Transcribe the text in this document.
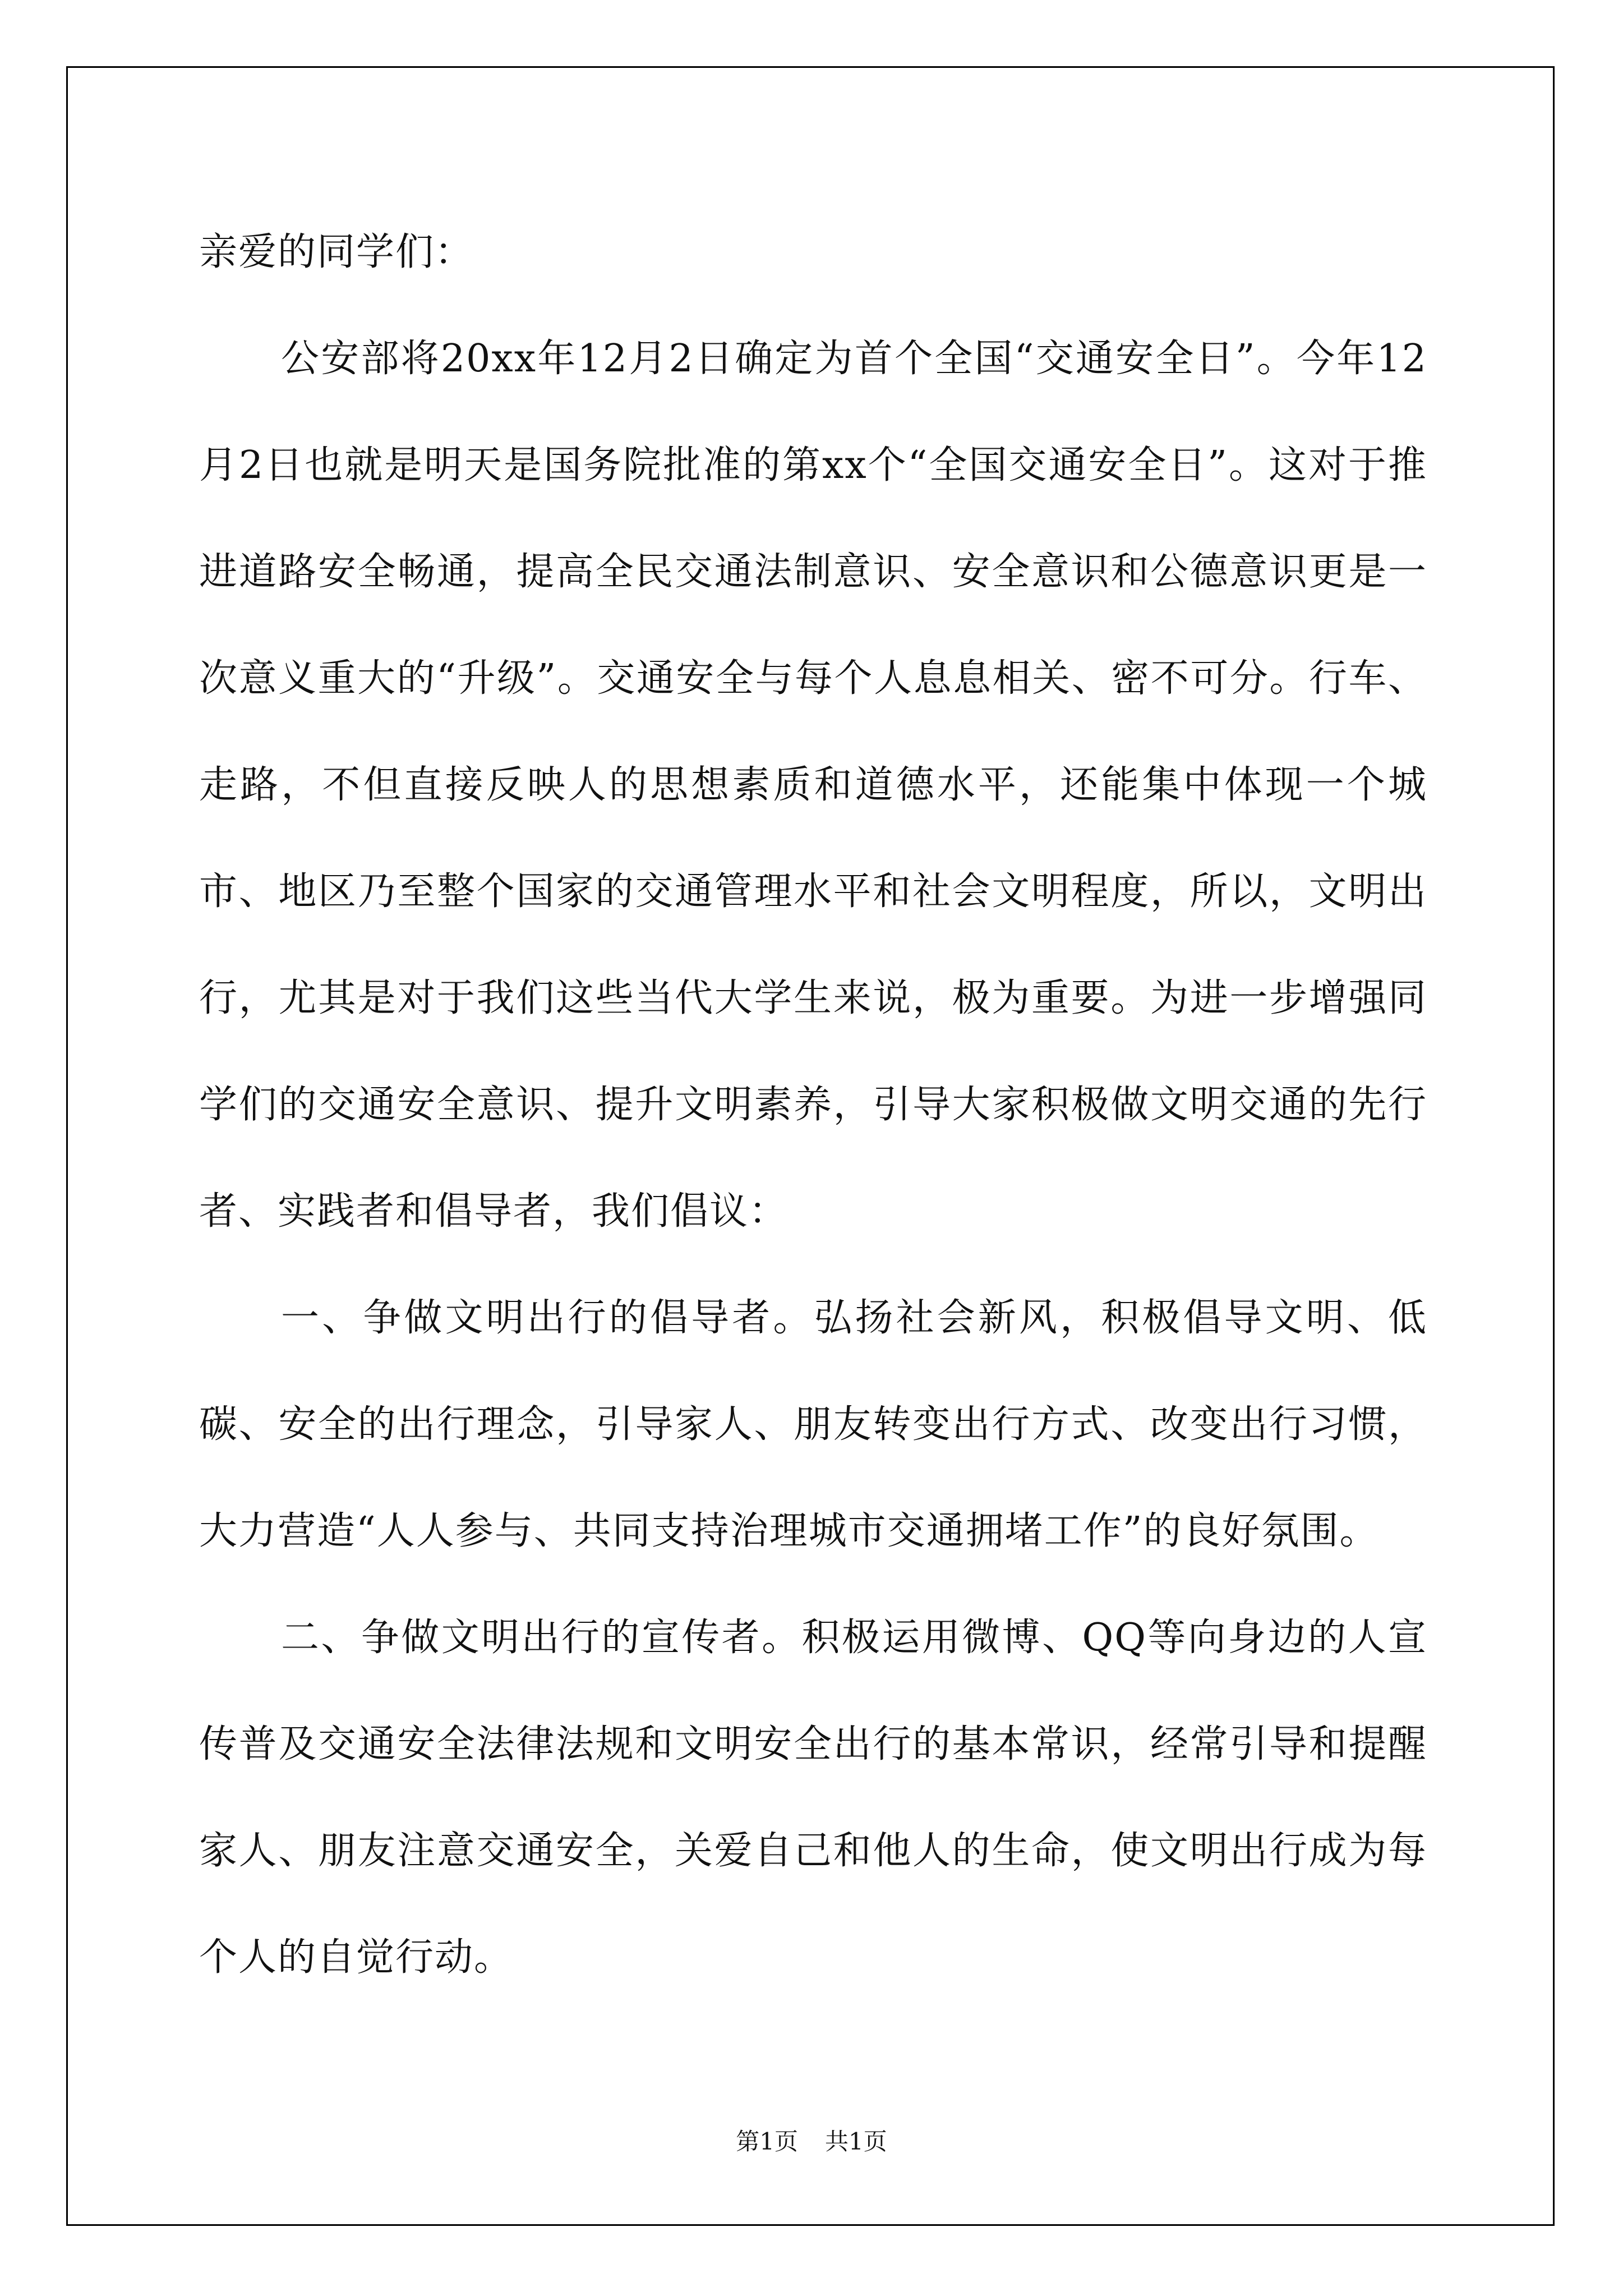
亲爱的同学们：

公安部将20xx年12月2日确定为首个全国“交通安全日”。今年12月2日也就是明天是国务院批准的第xx个“全国交通安全日”。这对于推进道路安全畅通，提高全民交通法制意识、安全意识和公德意识更是一次意义重大的“升级”。交通安全与每个人息息相关、密不可分。行车、走路，不但直接反映人的思想素质和道德水平，还能集中体现一个城市、地区乃至整个国家的交通管理水平和社会文明程度，所以，文明出行，尤其是对于我们这些当代大学生来说，极为重要。为进一步增强同学们的交通安全意识、提升文明素养，引导大家积极做文明交通的先行者、实践者和倡导者，我们倡议：

一、争做文明出行的倡导者。弘扬社会新风，积极倡导文明、低碳、安全的出行理念，引导家人、朋友转变出行方式、改变出行习惯，大力营造“人人参与、共同支持治理城市交通拥堵工作”的良好氛围。

二、争做文明出行的宣传者。积极运用微博、QQ等向身边的人宣传普及交通安全法律法规和文明安全出行的基本常识，经常引导和提醒家人、朋友注意交通安全，关爱自己和他人的生命，使文明出行成为每个人的自觉行动。

第1页 共1页
